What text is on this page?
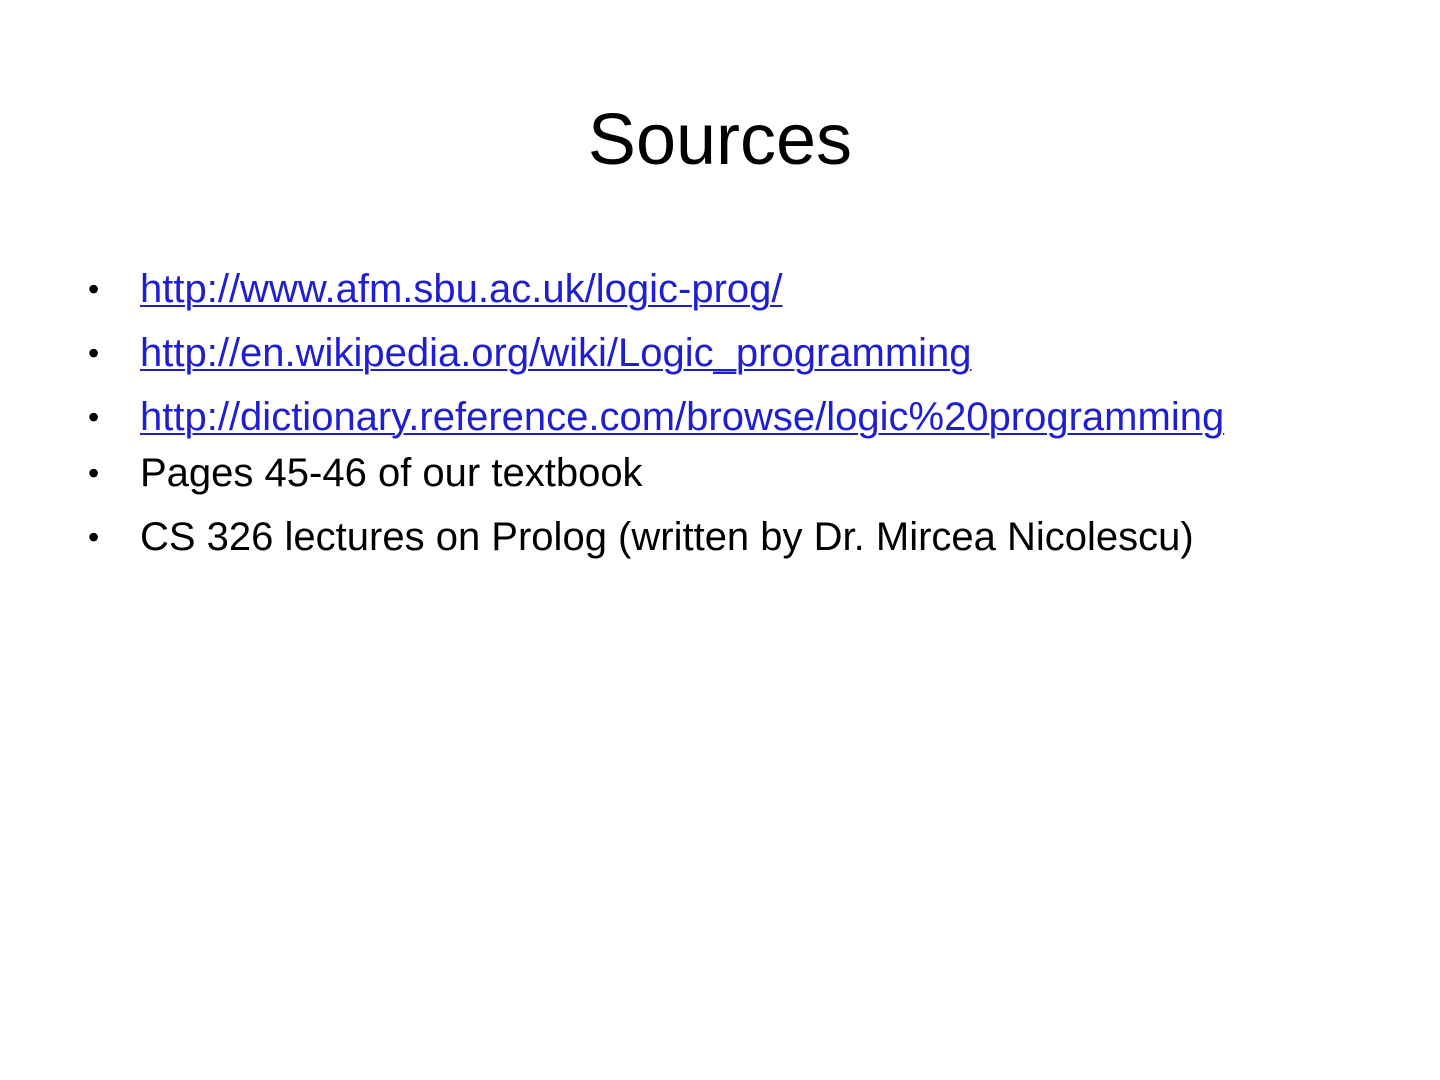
Sources
• http://www.afm.sbu.ac.uk/logic-prog/
• http://en.wikipedia.org/wiki/Logic_programming
• http://dictionary.reference.com/browse/logic%20programming
• Pages 45-46 of our textbook
• CS 326 lectures on Prolog (written by Dr. Mircea Nicolescu)
